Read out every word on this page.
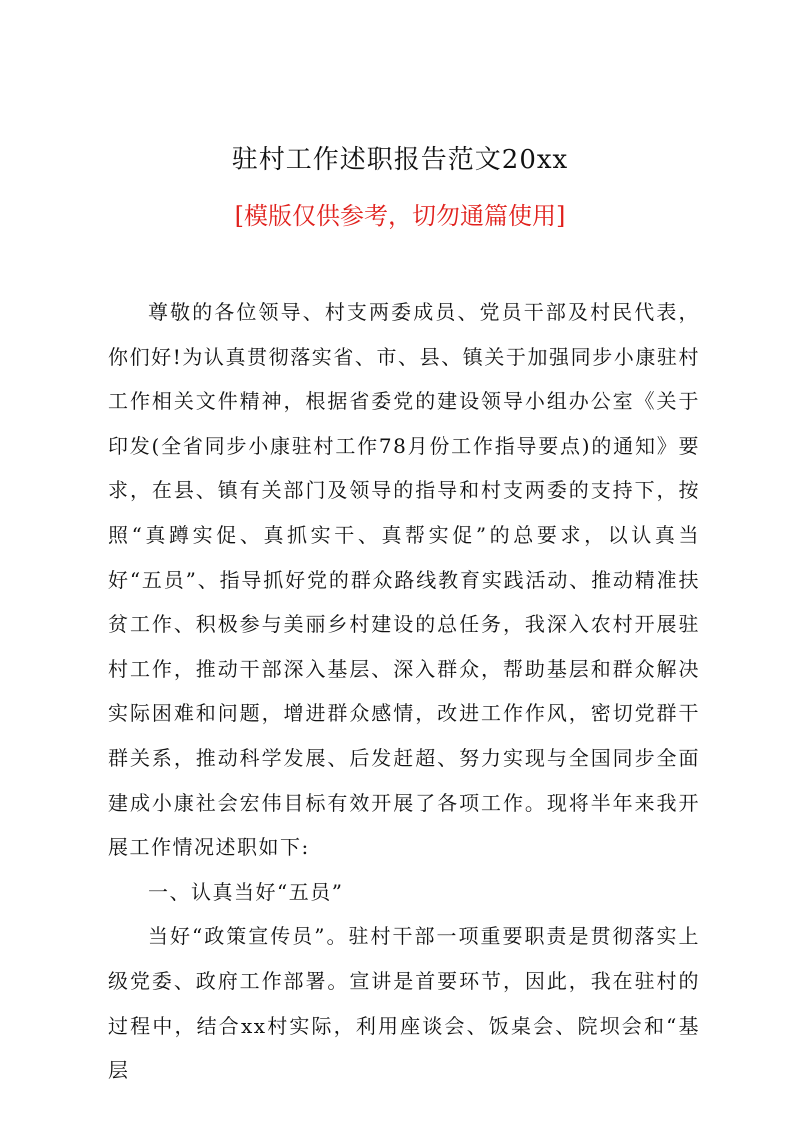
驻村工作述职报告范文20xx
[模版仅供参考，切勿通篇使用]

尊敬的各位领导、村支两委成员、党员干部及村民代表，你们好!为认真贯彻落实省、市、县、镇关于加强同步小康驻村工作相关文件精神，根据省委党的建设领导小组办公室《关于印发(全省同步小康驻村工作78月份工作指导要点)的通知》要求，在县、镇有关部门及领导的指导和村支两委的支持下，按照“真蹲实促、真抓实干、真帮实促”的总要求，以认真当好“五员”、指导抓好党的群众路线教育实践活动、推动精准扶贫工作、积极参与美丽乡村建设的总任务，我深入农村开展驻村工作，推动干部深入基层、深入群众，帮助基层和群众解决实际困难和问题，增进群众感情，改进工作作风，密切党群干群关系，推动科学发展、后发赶超、努力实现与全国同步全面建成小康社会宏伟目标有效开展了各项工作。现将半年来我开展工作情况述职如下:

一、认真当好“五员”

当好“政策宣传员”。驻村干部一项重要职责是贯彻落实上级党委、政府工作部署。宣讲是首要环节，因此，我在驻村的过程中，结合xx村实际，利用座谈会、饭桌会、院坝会和“基层
